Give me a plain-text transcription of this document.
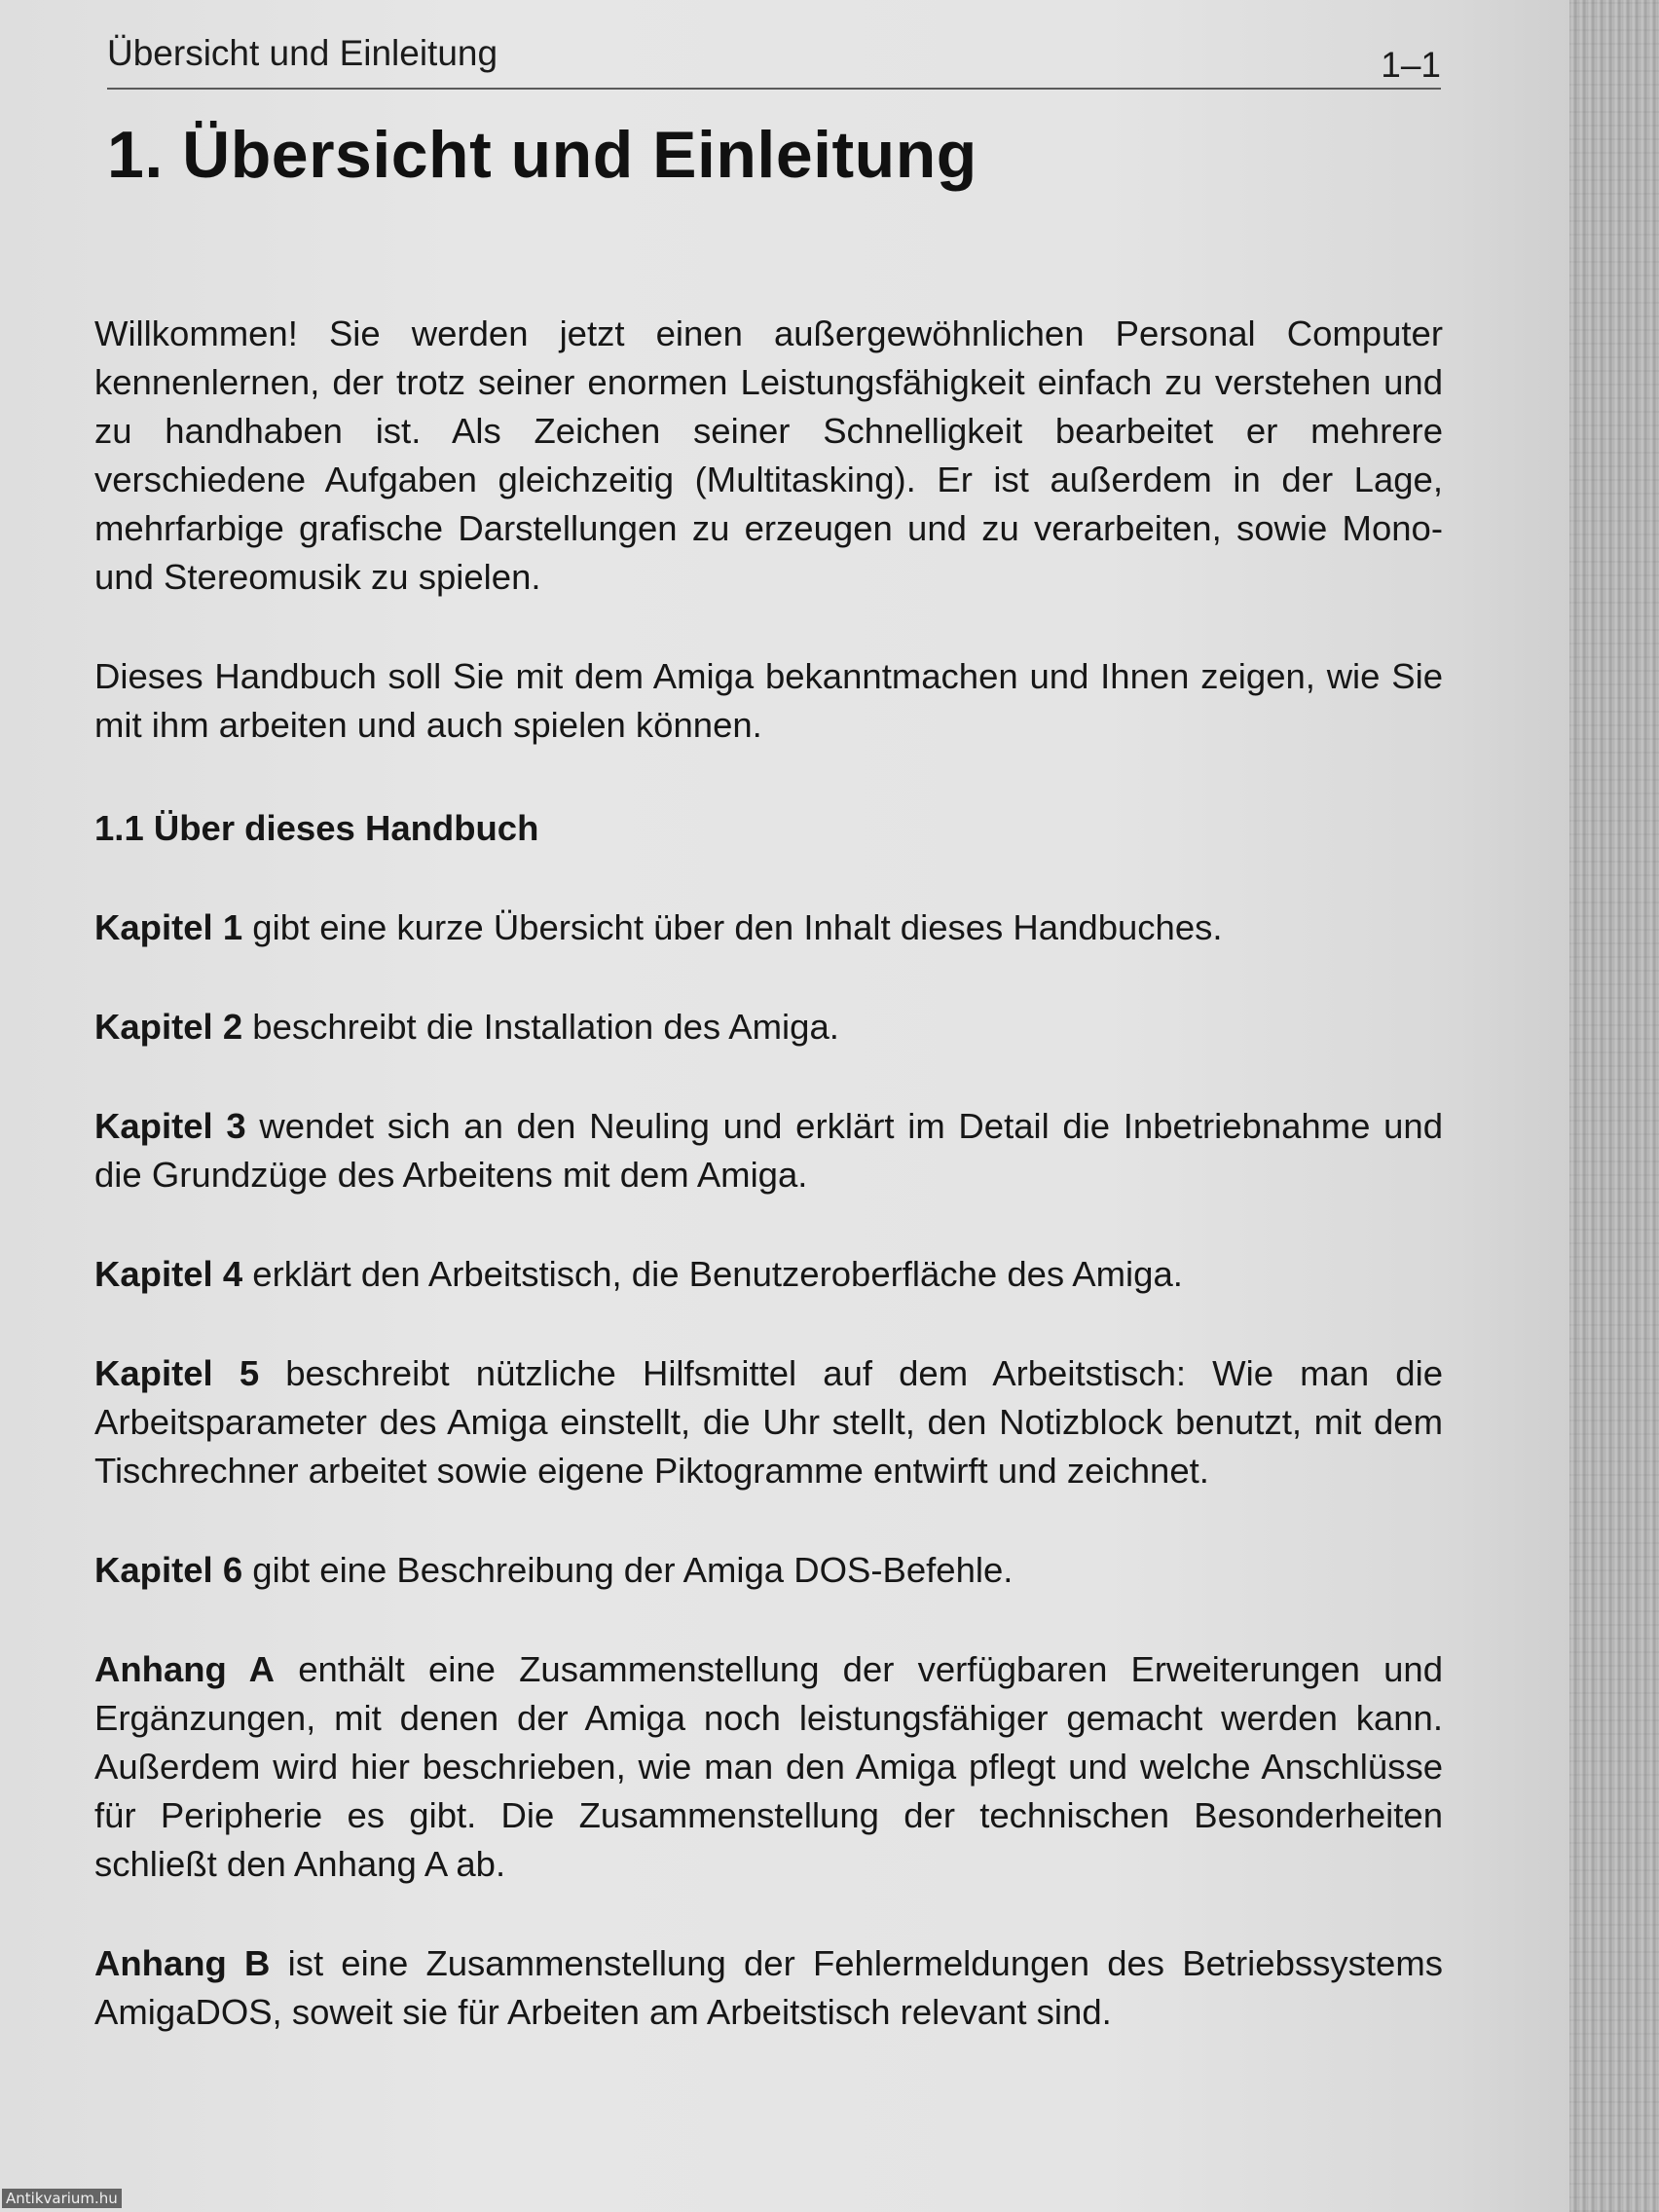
Übersicht und Einleitung	1–1
1. Übersicht und Einleitung

Willkommen! Sie werden jetzt einen außergewöhnlichen Personal Computer kennenlernen, der trotz seiner enormen Leistungsfähigkeit einfach zu verstehen und zu handhaben ist. Als Zeichen seiner Schnelligkeit bearbeitet er mehrere verschiedene Aufgaben gleichzeitig (Multitasking). Er ist außerdem in der Lage, mehrfarbige grafische Darstellungen zu erzeugen und zu verarbeiten, sowie Mono- und Stereomusik zu spielen.

Dieses Handbuch soll Sie mit dem Amiga bekanntmachen und Ihnen zeigen, wie Sie mit ihm arbeiten und auch spielen können.

1.1 Über dieses Handbuch

Kapitel 1 gibt eine kurze Übersicht über den Inhalt dieses Handbuches.

Kapitel 2 beschreibt die Installation des Amiga.

Kapitel 3 wendet sich an den Neuling und erklärt im Detail die Inbetriebnahme und die Grundzüge des Arbeitens mit dem Amiga.

Kapitel 4 erklärt den Arbeitstisch, die Benutzeroberfläche des Amiga.

Kapitel 5 beschreibt nützliche Hilfsmittel auf dem Arbeitstisch: Wie man die Arbeitsparameter des Amiga einstellt, die Uhr stellt, den Notizblock benutzt, mit dem Tischrechner arbeitet sowie eigene Piktogramme entwirft und zeichnet.

Kapitel 6 gibt eine Beschreibung der Amiga DOS-Befehle.

Anhang A enthält eine Zusammenstellung der verfügbaren Erweiterungen und Ergänzungen, mit denen der Amiga noch leistungsfähiger gemacht werden kann. Außerdem wird hier beschrieben, wie man den Amiga pflegt und welche Anschlüsse für Peripherie es gibt. Die Zusammenstellung der technischen Besonderheiten schließt den Anhang A ab.

Anhang B ist eine Zusammenstellung der Fehlermeldungen des Betriebssystems AmigaDOS, soweit sie für Arbeiten am Arbeitstisch relevant sind.

Antikvarium.hu
